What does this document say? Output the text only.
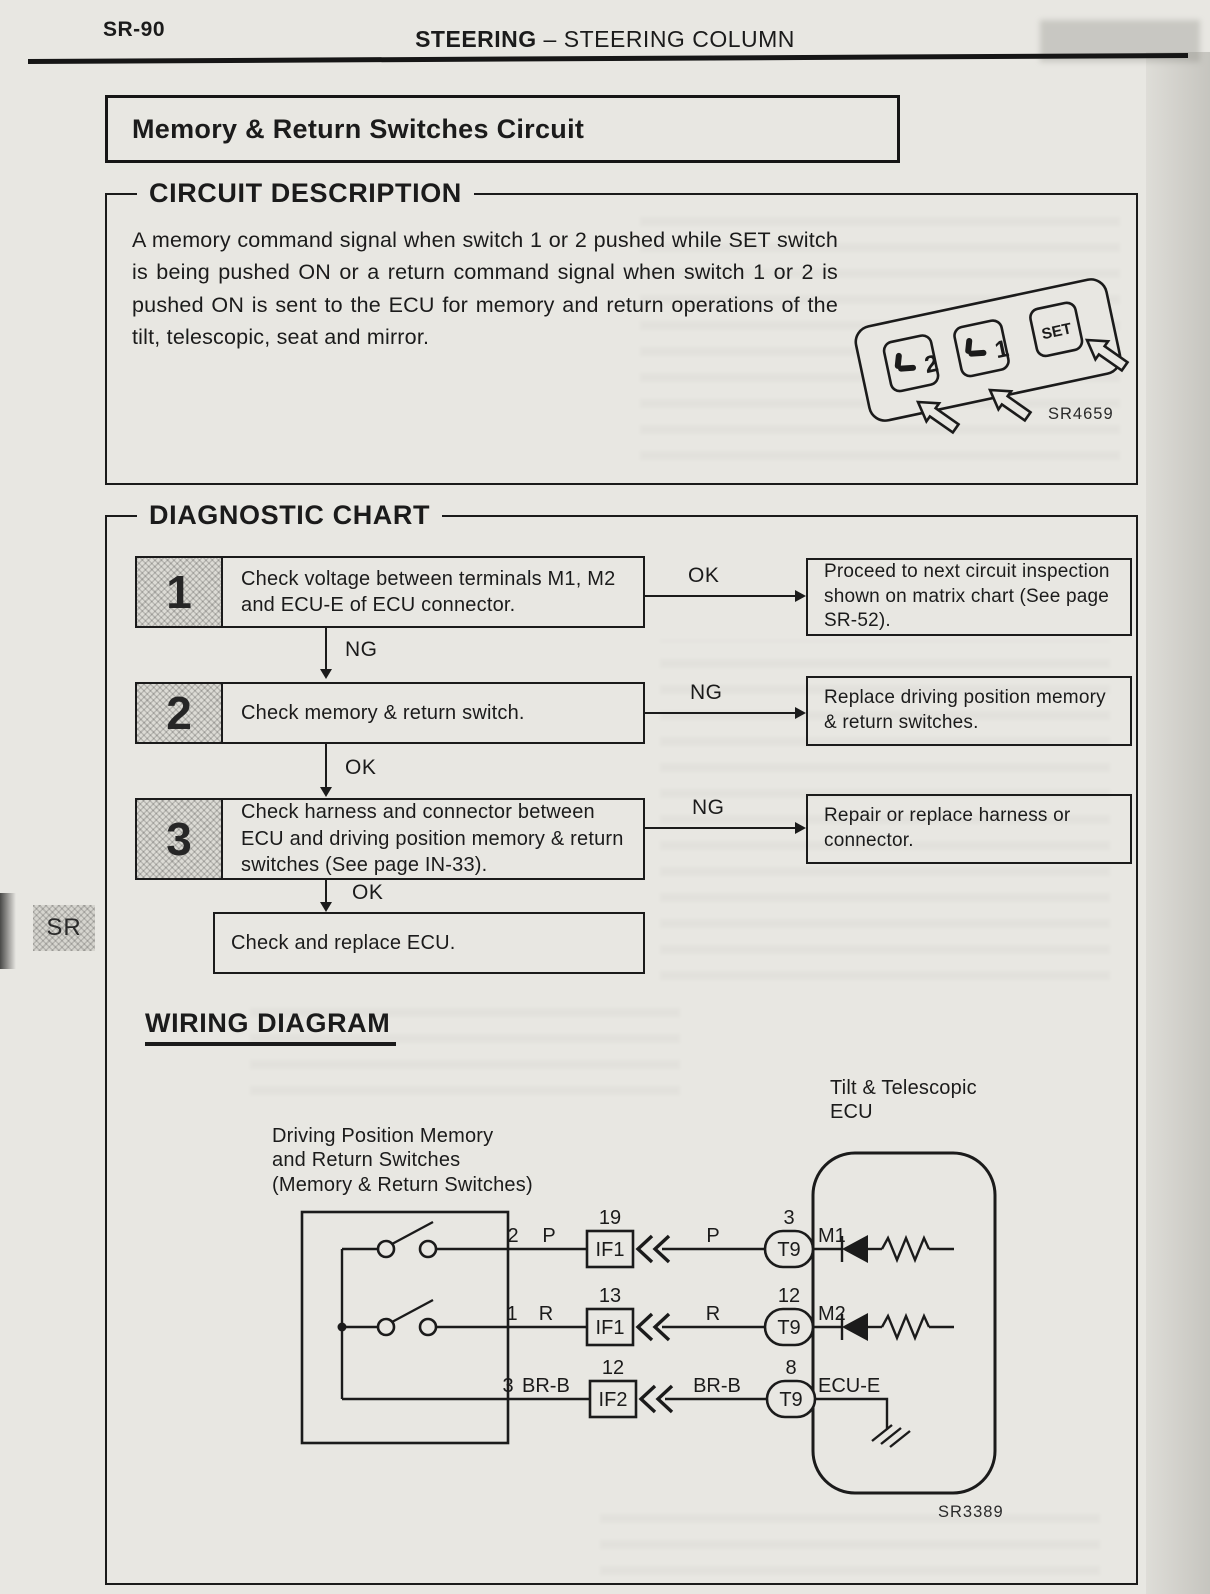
SR-90	STEERING – STEERING COLUMN
Memory & Return Switches Circuit
CIRCUIT DESCRIPTION
A memory command signal when switch 1 or 2 pushed while SET switch is being pushed ON or a return command signal when switch 1 or 2 is pushed ON is sent to the ECU for memory and return operations of the tilt, telescopic, seat and mirror.
2
1
SET
SR4659
DIAGNOSTIC CHART
1	Check voltage between terminals M1, M2 and ECU-E of ECU connector.
OK	Proceed to next circuit inspection shown on matrix chart (See page SR-52).
NG
2	Check memory & return switch.
NG	Replace driving position memory & return switches.
OK
3
Check harness and connector between ECU and driving position memory & return switches (See page IN-33).
NG	Repair or replace harness or connector.
OK
Check and replace ECU.
SR
WIRING DIAGRAM
Tilt & Telescopic
ECU
Driving Position Memory
and Return Switches
(Memory & Return Switches)
2 P
IF1
19
P
T9
3
M1
1 R
IF1
13
R
T9
12
M2
3 BR-B
IF2
12
BR-B
T9
8
ECU-E
SR3389
